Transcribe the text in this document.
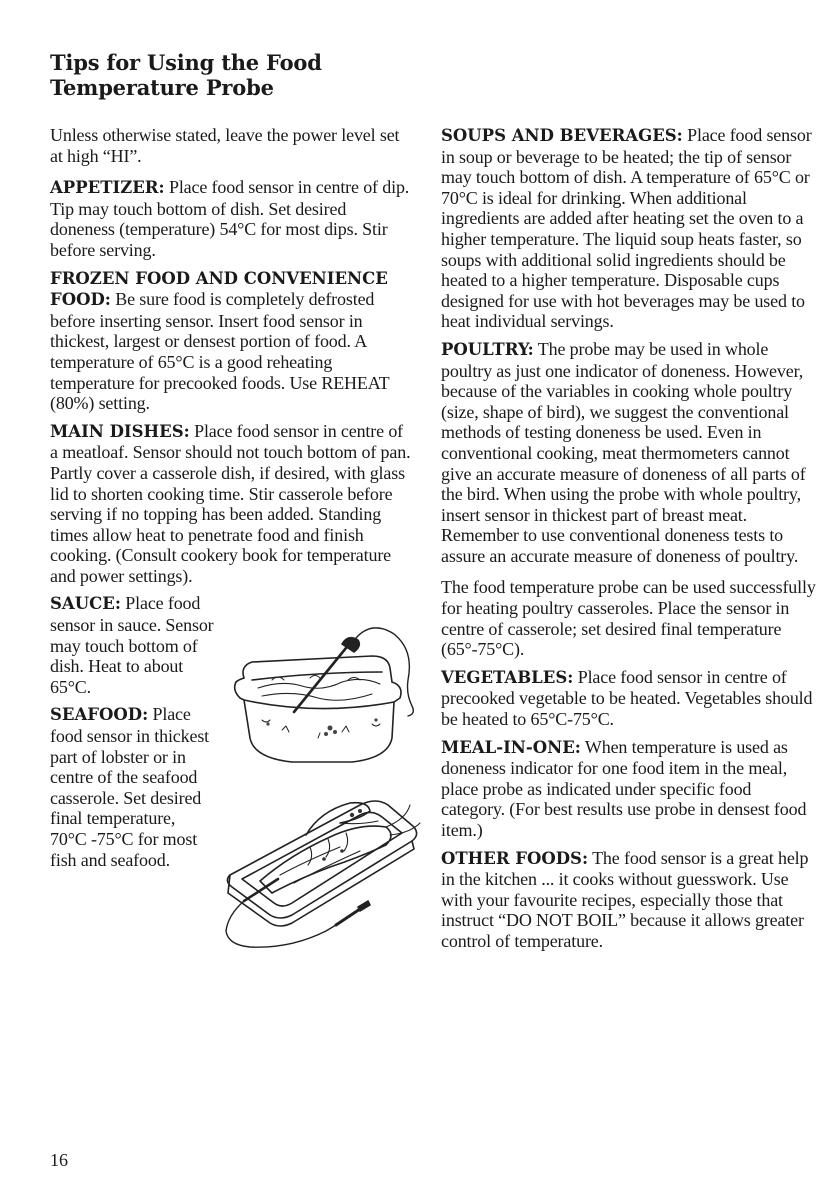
Tips for Using the Food
Temperature Probe

Unless otherwise stated, leave the power level set at high “HI”.

APPETIZER: Place food sensor in centre of dip. Tip may touch bottom of dish. Set desired doneness (temperature) 54°C for most dips. Stir before serving.

FROZEN FOOD AND CONVENIENCE FOOD: Be sure food is completely defrosted before inserting sensor. Insert food sensor in thickest, largest or densest portion of food. A temperature of 65°C is a good reheating temperature for precooked foods. Use REHEAT (80%) setting.

MAIN DISHES: Place food sensor in centre of a meatloaf. Sensor should not touch bottom of pan. Partly cover a casserole dish, if desired, with glass lid to shorten cooking time. Stir casserole before serving if no topping has been added. Standing times allow heat to penetrate food and finish cooking. (Consult cookery book for temperature and power settings).

SAUCE: Place food sensor in sauce. Sensor may touch bottom of dish. Heat to about 65°C.

SEAFOOD: Place food sensor in thickest part of lobster or in centre of the seafood casserole. Set desired final temperature, 70°C -75°C for most fish and seafood.

SOUPS AND BEVERAGES: Place food sensor in soup or beverage to be heated; the tip of sensor may touch bottom of dish. A temperature of 65°C or 70°C is ideal for drinking. When additional ingredients are added after heating set the oven to a higher temperature. The liquid soup heats faster, so soups with additional solid ingredients should be heated to a higher temperature. Disposable cups designed for use with hot beverages may be used to heat individual servings.

POULTRY: The probe may be used in whole poultry as just one indicator of doneness. However, because of the variables in cooking whole poultry (size, shape of bird), we suggest the conventional methods of testing doneness be used. Even in conventional cooking, meat thermometers cannot give an accurate measure of doneness of all parts of the bird. When using the probe with whole poultry, insert sensor in thickest part of breast meat. Remember to use conventional doneness tests to assure an accurate measure of doneness of poultry.

The food temperature probe can be used successfully for heating poultry casseroles. Place the sensor in centre of casserole; set desired final temperature (65°-75°C).

VEGETABLES: Place food sensor in centre of precooked vegetable to be heated. Vegetables should be heated to 65°C-75°C.

MEAL-IN-ONE: When temperature is used as doneness indicator for one food item in the meal, place probe as indicated under specific food category. (For best results use probe in densest food item.)

OTHER FOODS: The food sensor is a great help in the kitchen ... it cooks without guesswork. Use with your favourite recipes, especially those that instruct “DO NOT BOIL” because it allows greater control of temperature.

16
